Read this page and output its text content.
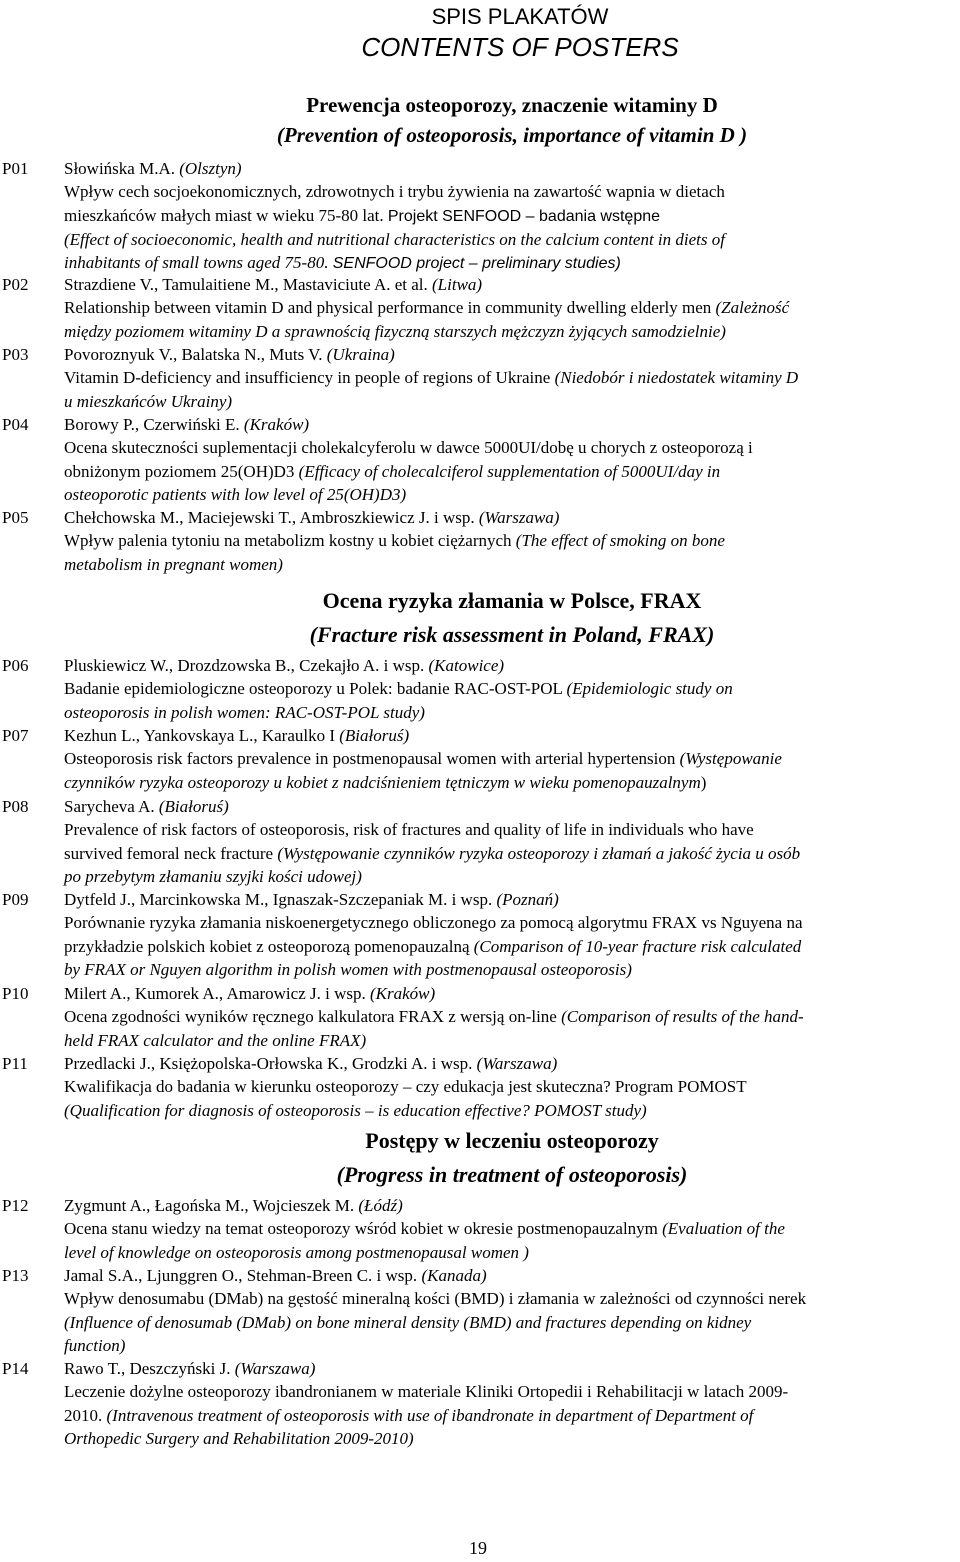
SPIS PLAKATÓW
CONTENTS OF POSTERS
Prewencja osteoporozy, znaczenie witaminy D
(Prevention of osteoporosis, importance of vitamin D )
P01 Słowińska M.A. (Olsztyn)
Wpływ cech socjoekonomicznych, zdrowotnych i trybu żywienia na zawartość wapnia w dietach
mieszkańców małych miast w wieku 75-80 lat. Projekt SENFOOD – badania wstępne
(Effect of socioeconomic, health and nutritional characteristics on the calcium content in diets of
inhabitants of small towns aged 75-80. SENFOOD project – preliminary studies)
P02 Strazdiene V., Tamulaitiene M., Mastaviciute A. et al. (Litwa)
Relationship between vitamin D and physical performance in community dwelling elderly men (Zależność
między poziomem witaminy D a sprawnością fizyczną starszych mężczyzn żyjących samodzielnie)
P03 Povoroznyuk V., Balatska N., Muts V. (Ukraina)
Vitamin D-deficiency and insufficiency in people of regions of Ukraine (Niedobór i niedostatek witaminy D
u mieszkańców Ukrainy)
P04 Borowy P., Czerwiński E. (Kraków)
Ocena skuteczności suplementacji cholekalcyferolu w dawce 5000UI/dobę u chorych z osteoporozą i
obniżonym poziomem 25(OH)D3 (Efficacy of cholecalciferol supplementation of 5000UI/day in
osteoporotic patients with low level of 25(OH)D3)
P05 Chełchowska M., Maciejewski T., Ambroszkiewicz J. i wsp. (Warszawa)
Wpływ palenia tytoniu na metabolizm kostny u kobiet ciężarnych (The effect of smoking on bone
metabolism in pregnant women)
Ocena ryzyka złamania w Polsce, FRAX
(Fracture risk assessment in Poland, FRAX)
P06 Pluskiewicz W., Drozdzowska B., Czekajło A. i wsp. (Katowice)
Badanie epidemiologiczne osteoporozy u Polek: badanie RAC-OST-POL (Epidemiologic study on
osteoporosis in polish women: RAC-OST-POL study)
P07 Kezhun L., Yankovskaya L., Karaulko I (Białoruś)
Osteoporosis risk factors prevalence in postmenopausal women with arterial hypertension (Występowanie
czynników ryzyka osteoporozy u kobiet z nadciśnieniem tętniczym w wieku pomenopauzalnym)
P08 Sarycheva A. (Białoruś)
Prevalence of risk factors of osteoporosis, risk of fractures and quality of life in individuals who have
survived femoral neck fracture (Występowanie czynników ryzyka osteoporozy i złamań a jakość życia u osób
po przebytym złamaniu szyjki kości udowej)
P09 Dytfeld J., Marcinkowska M., Ignaszak-Szczepaniak M. i wsp. (Poznań)
Porównanie ryzyka złamania niskoenergetycznego obliczonego za pomocą algorytmu FRAX vs Nguyena na
przykładzie polskich kobiet z osteoporozą pomenopauzalną (Comparison of 10-year fracture risk calculated
by FRAX or Nguyen algorithm in polish women with postmenopausal osteoporosis)
P10 Milert A., Kumorek A., Amarowicz J. i wsp. (Kraków)
Ocena zgodności wyników ręcznego kalkulatora FRAX z wersją on-line (Comparison of results of the hand-
held FRAX calculator and the online FRAX)
P11 Przedlacki J., Księżopolska-Orłowska K., Grodzki A. i wsp. (Warszawa)
Kwalifikacja do badania w kierunku osteoporozy – czy edukacja jest skuteczna? Program POMOST
(Qualification for diagnosis of osteoporosis – is education effective? POMOST study)
Postępy w leczeniu osteoporozy
(Progress in treatment of osteoporosis)
P12 Zygmunt A., Łagońska M., Wojcieszek M. (Łódź)
Ocena stanu wiedzy na temat osteoporozy wśród kobiet w okresie postmenopauzalnym (Evaluation of the
level of knowledge on osteoporosis among postmenopausal women )
P13 Jamal S.A., Ljunggren O., Stehman-Breen C. i wsp. (Kanada)
Wpływ denosumabu (DMab) na gęstość mineralną kości (BMD) i złamania w zależności od czynności nerek
(Influence of denosumab (DMab) on bone mineral density (BMD) and fractures depending on kidney
function)
P14 Rawo T., Deszczyński J. (Warszawa)
Leczenie dożylne osteoporozy ibandronianem w materiale Kliniki Ortopedii i Rehabilitacji w latach 2009-
2010. (Intravenous treatment of osteoporosis with use of ibandronate in department of Department of
Orthopedic Surgery and Rehabilitation 2009-2010)
19
